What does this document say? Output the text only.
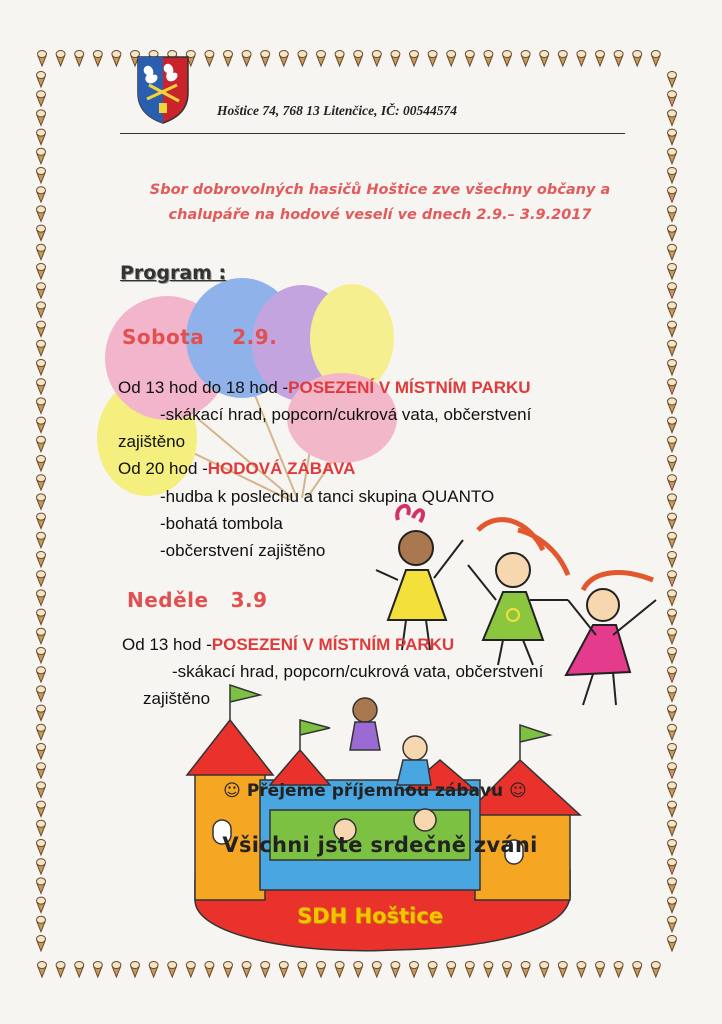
Hoštice 74, 768 13 Litenčice, IČ: 00544574
Sbor dobrovolných hasičů Hoštice zve všechny občany a
chalupáře na hodové veselí ve dnech 2.9.– 3.9.2017
Program :
Sobota 2.9.
Od 13 hod do 18 hod -POSEZENÍ V MÍSTNÍM PARKU
-skákací hrad, popcorn/cukrová vata, občerstvení
zajištěno
Od 20 hod -HODOVÁ ZÁBAVA
-hudba k poslechu a tanci skupina QUANTO
-bohatá tombola
-občerstvení zajištěno
Neděle 3.9
Od 13 hod -POSEZENÍ V MÍSTNÍM PARKU
-skákací hrad, popcorn/cukrová vata, občerstvení
zajištěno
☺ Přejeme příjemnou zábavu ☺
Všichni jste srdečně zváni
SDH Hoštice
